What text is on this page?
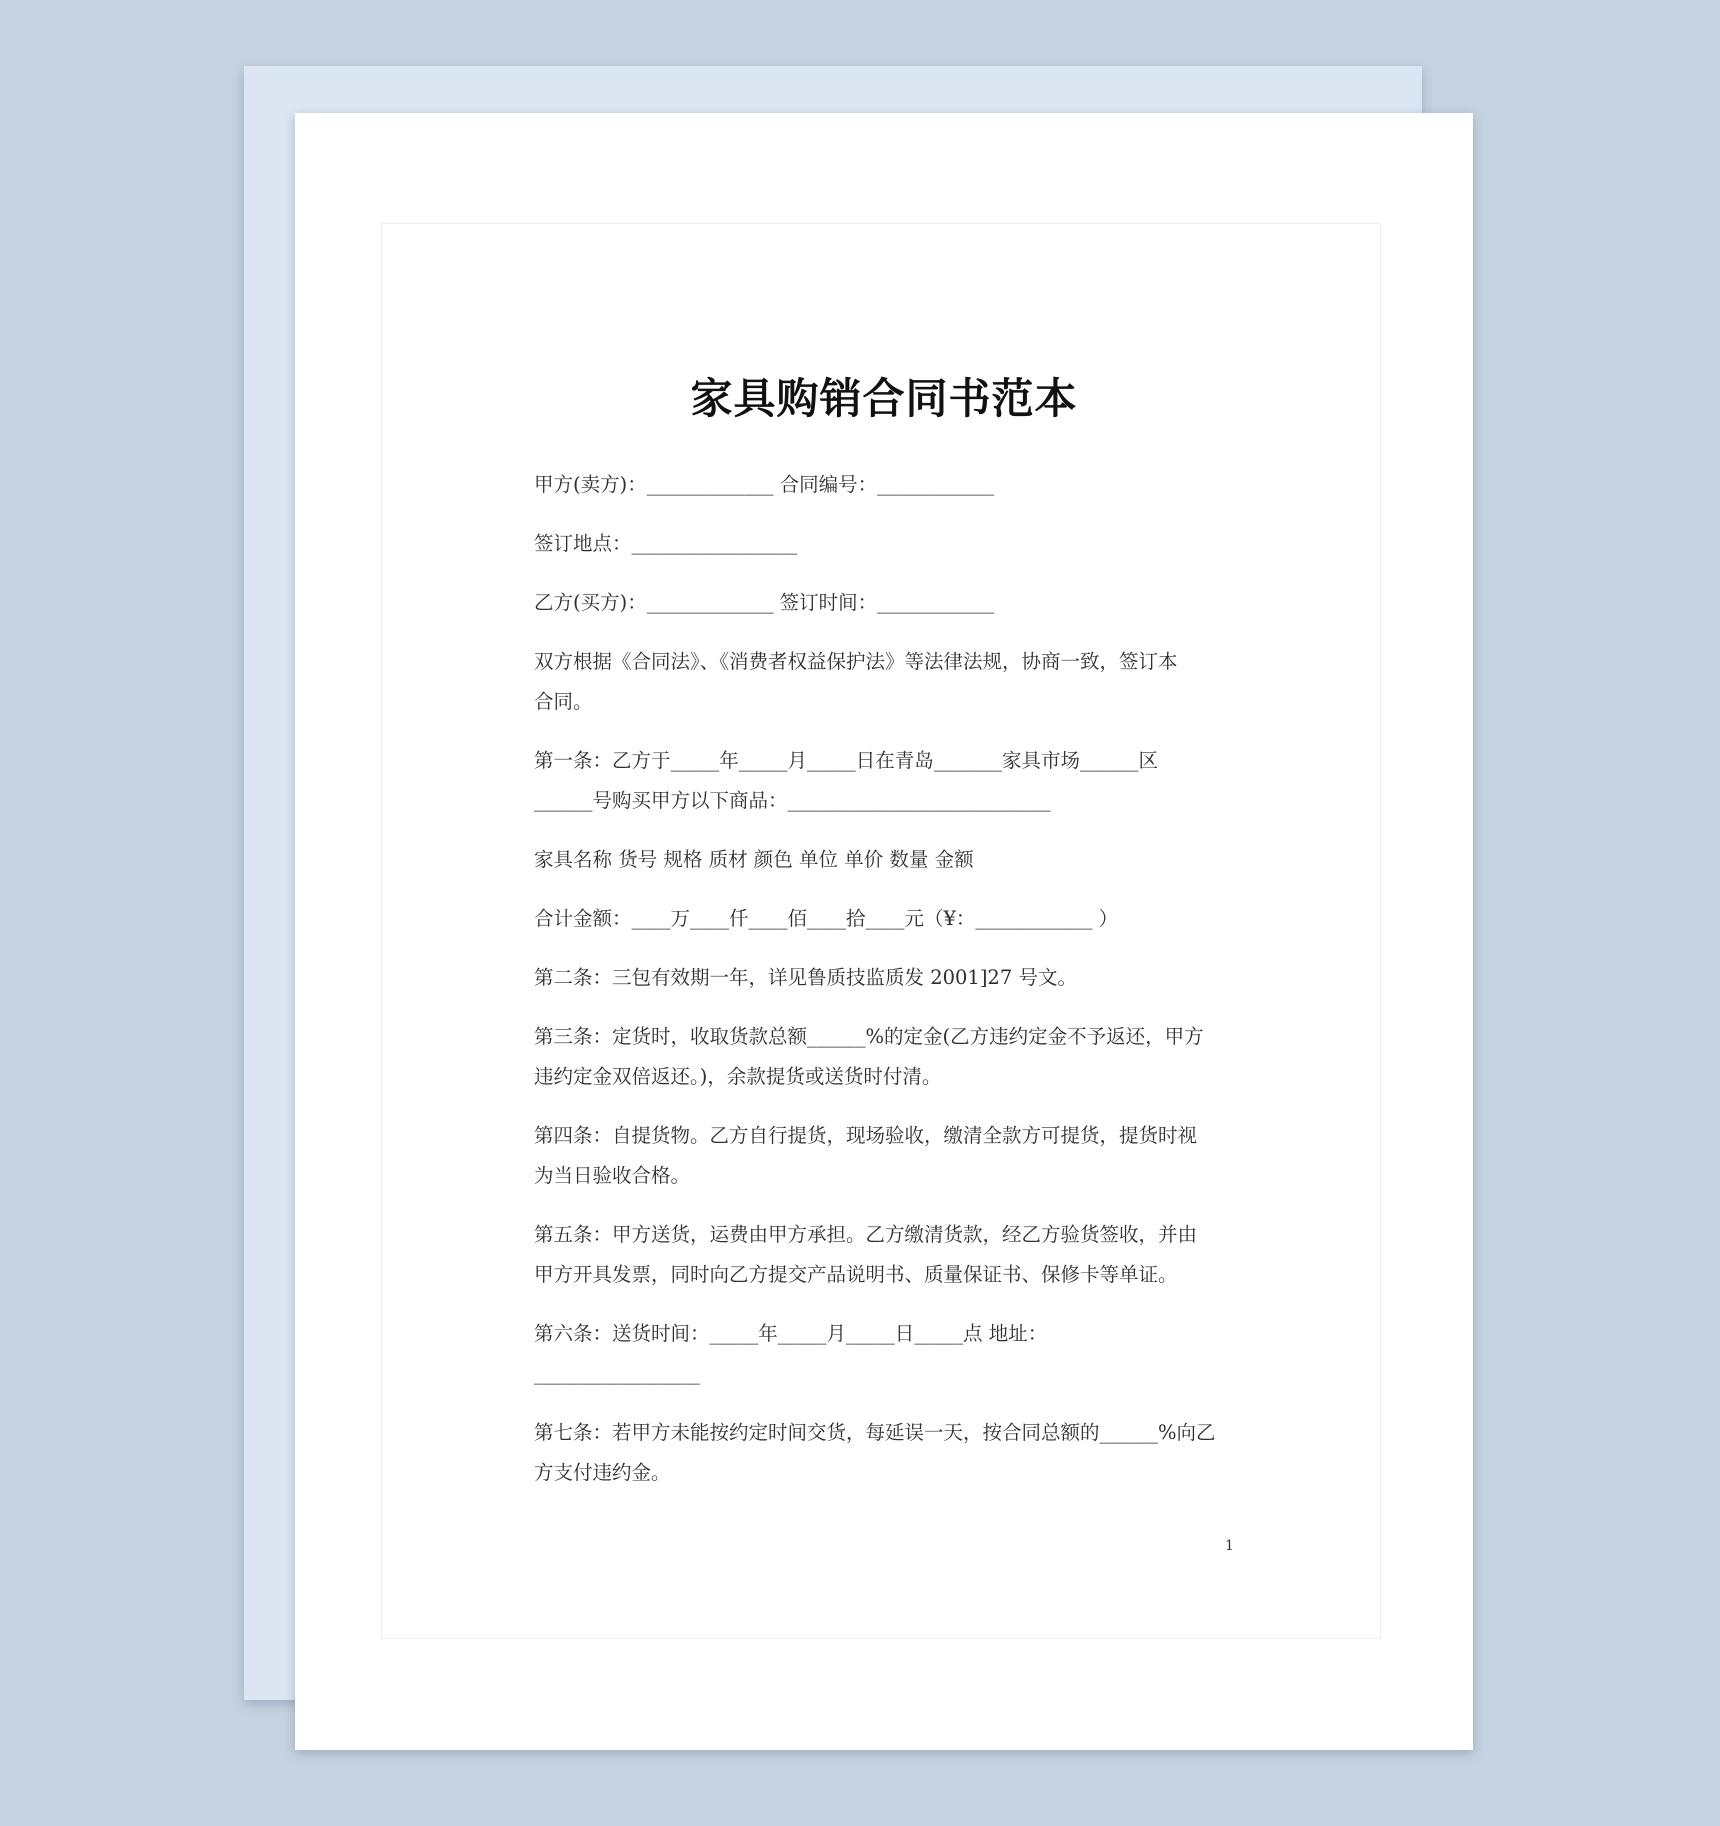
家具购销合同书范本

甲方(卖方)：_____________ 合同编号：____________

签订地点：_________________

乙方(买方)：_____________ 签订时间：____________

双方根据《合同法》、《消费者权益保护法》等法律法规，协商一致，签订本
合同。

第一条：乙方于_____年_____月_____日在青岛_______家具市场______区
______号购买甲方以下商品：___________________________

家具名称 货号 规格 质材 颜色 单位 单价 数量 金额

合计金额：____万____仟____佰____拾____元（¥：____________ ）

第二条：三包有效期一年，详见鲁质技监质发 2001]27 号文。

第三条：定货时，收取货款总额______%的定金(乙方违约定金不予返还，甲方
违约定金双倍返还。)，余款提货或送货时付清。

第四条：自提货物。乙方自行提货，现场验收，缴清全款方可提货，提货时视
为当日验收合格。

第五条：甲方送货，运费由甲方承担。乙方缴清货款，经乙方验货签收，并由
甲方开具发票，同时向乙方提交产品说明书、质量保证书、保修卡等单证。

第六条：送货时间：_____年_____月_____日_____点 地址：
_________________

第七条：若甲方未能按约定时间交货，每延误一天，按合同总额的______%向乙
方支付违约金。

1
